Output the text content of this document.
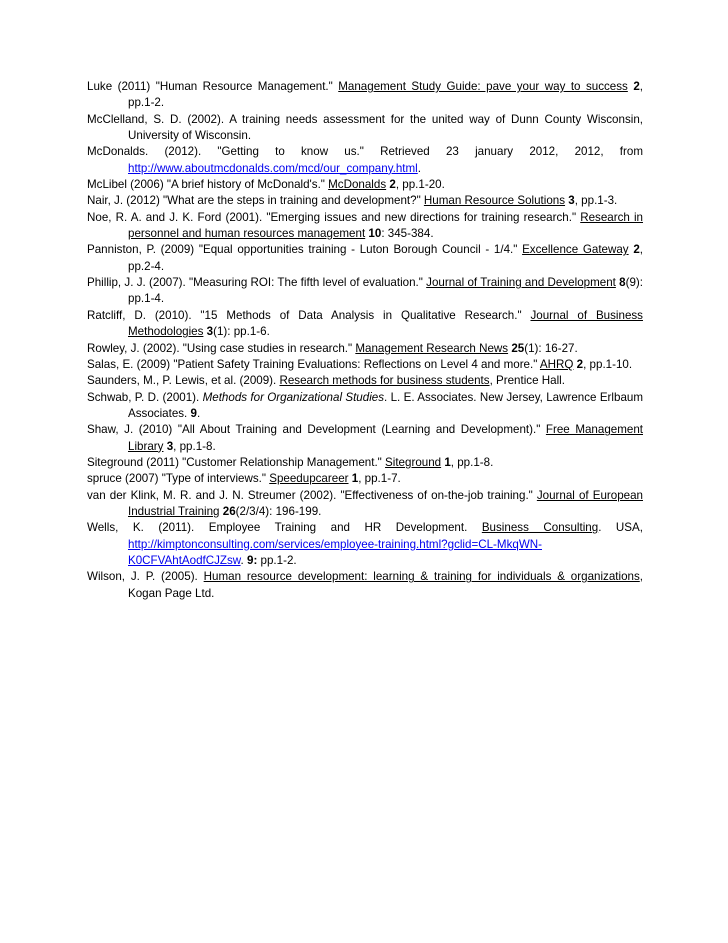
Luke (2011) "Human Resource Management." Management Study Guide: pave your way to success 2, pp.1-2.

McClelland, S. D. (2002). A training needs assessment for the united way of Dunn County Wisconsin, University of Wisconsin.

McDonalds. (2012). "Getting to know us." Retrieved 23 january 2012, 2012, from http://www.aboutmcdonalds.com/mcd/our_company.html.

McLibel (2006) "A brief history of McDonald's." McDonalds 2, pp.1-20.

Nair, J. (2012) "What are the steps in training and development?" Human Resource Solutions 3, pp.1-3.

Noe, R. A. and J. K. Ford (2001). "Emerging issues and new directions for training research." Research in personnel and human resources management 10: 345-384.

Panniston, P. (2009) "Equal opportunities training - Luton Borough Council - 1/4." Excellence Gateway 2, pp.2-4.

Phillip, J. J. (2007). "Measuring ROI: The fifth level of evaluation." Journal of Training and Development 8(9): pp.1-4.

Ratcliff, D. (2010). "15 Methods of Data Analysis in Qualitative Research." Journal of Business Methodologies 3(1): pp.1-6.

Rowley, J. (2002). "Using case studies in research." Management Research News 25(1): 16-27.

Salas, E. (2009) "Patient Safety Training Evaluations: Reflections on Level 4 and more." AHRQ 2, pp.1-10.

Saunders, M., P. Lewis, et al. (2009). Research methods for business students, Prentice Hall.

Schwab, P. D. (2001). Methods for Organizational Studies. L. E. Associates. New Jersey, Lawrence Erlbaum Associates. 9.

Shaw, J. (2010) "All About Training and Development (Learning and Development)." Free Management Library 3, pp.1-8.

Siteground (2011) "Customer Relationship Management." Siteground 1, pp.1-8.

spruce (2007) "Type of interviews." Speedupcareer 1, pp.1-7.

van der Klink, M. R. and J. N. Streumer (2002). "Effectiveness of on-the-job training." Journal of European Industrial Training 26(2/3/4): 196-199.

Wells, K. (2011). Employee Training and HR Development. Business Consulting. USA, http://kimptonconsulting.com/services/employee-training.html?gclid=CL-MkqWN-K0CFVAhtAodfCJZsw. 9: pp.1-2.

Wilson, J. P. (2005). Human resource development: learning & training for individuals & organizations, Kogan Page Ltd.
